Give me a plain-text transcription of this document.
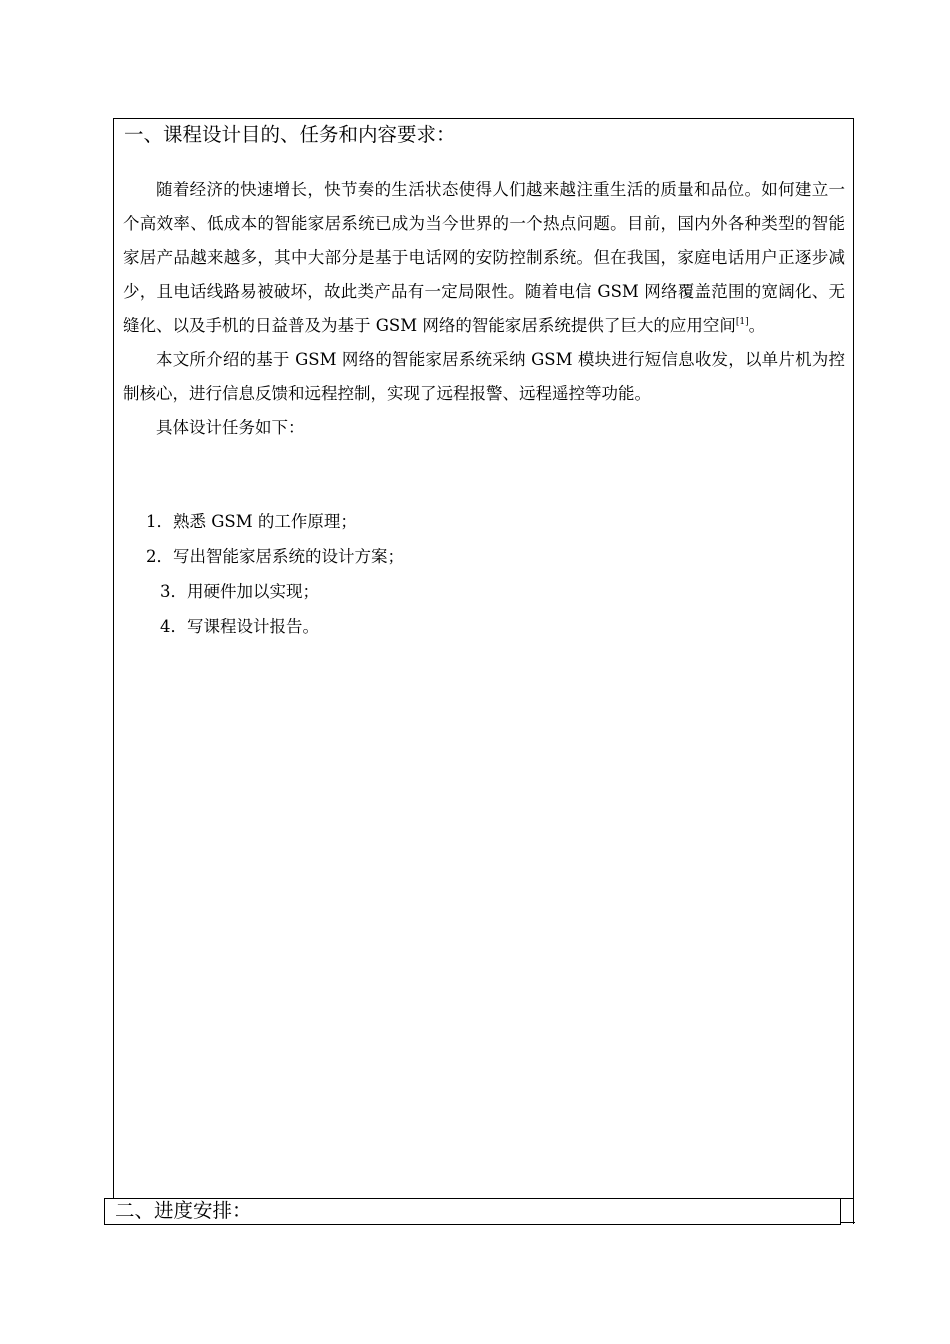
一、课程设计目的、任务和内容要求：

随着经济的快速增长，快节奏的生活状态使得人们越来越注重生活的质量和品位。如何建立一个高效率、低成本的智能家居系统已成为当今世界的一个热点问题。目前，国内外各种类型的智能家居产品越来越多，其中大部分是基于电话网的安防控制系统。但在我国，家庭电话用户正逐步减少，且电话线路易被破坏，故此类产品有一定局限性。随着电信 GSM 网络覆盖范围的宽阔化、无缝化、以及手机的日益普及为基于 GSM 网络的智能家居系统提供了巨大的应用空间[1]。

本文所介绍的基于 GSM 网络的智能家居系统采纳 GSM 模块进行短信息收发，以单片机为控制核心，进行信息反馈和远程控制，实现了远程报警、远程遥控等功能。

具体设计任务如下：

1．熟悉 GSM 的工作原理；
2．写出智能家居系统的设计方案；
3．用硬件加以实现；
4．写课程设计报告。
二、进度安排：
